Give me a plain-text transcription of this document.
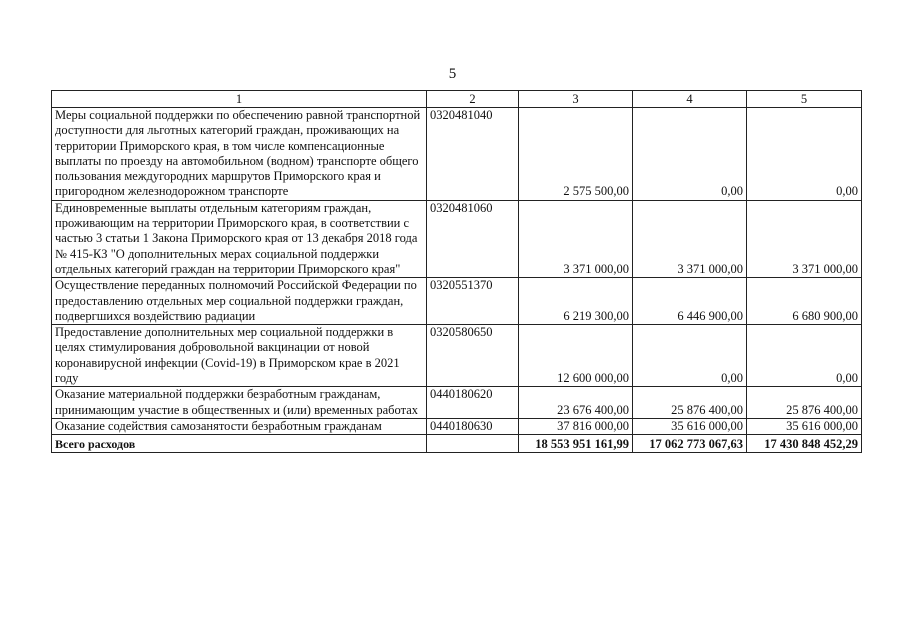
5
1	2	3	4	5
Меры социальной поддержки по обеспечению равной транспортной доступности для льготных категорий граждан, проживающих на территории Приморского края, в том числе компенсационные выплаты по проезду на автомобильном (водном) транспорте общего пользования междугородних маршрутов Приморского края и пригородном железнодорожном транспорте	0320481040	2 575 500,00	0,00	0,00
Единовременные выплаты отдельным категориям граждан, проживающим на территории Приморского края, в соответствии с частью 3 статьи 1 Закона Приморского края от 13 декабря 2018 года № 415-КЗ "О дополнительных мерах социальной поддержки отдельных категорий граждан на территории Приморского края"	0320481060	3 371 000,00	3 371 000,00	3 371 000,00
Осуществление переданных полномочий Российской Федерации по предоставлению отдельных мер социальной поддержки граждан, подвергшихся воздействию радиации	0320551370	6 219 300,00	6 446 900,00	6 680 900,00
Предоставление дополнительных мер социальной поддержки в целях стимулирования добровольной вакцинации от новой коронавирусной инфекции (Covid-19) в Приморском крае в 2021 году	0320580650	12 600 000,00	0,00	0,00
Оказание материальной поддержки безработным гражданам, принимающим участие в общественных и (или) временных работах	0440180620	23 676 400,00	25 876 400,00	25 876 400,00
Оказание содействия самозанятости безработным гражданам	0440180630	37 816 000,00	35 616 000,00	35 616 000,00
Всего расходов		18 553 951 161,99	17 062 773 067,63	17 430 848 452,29
